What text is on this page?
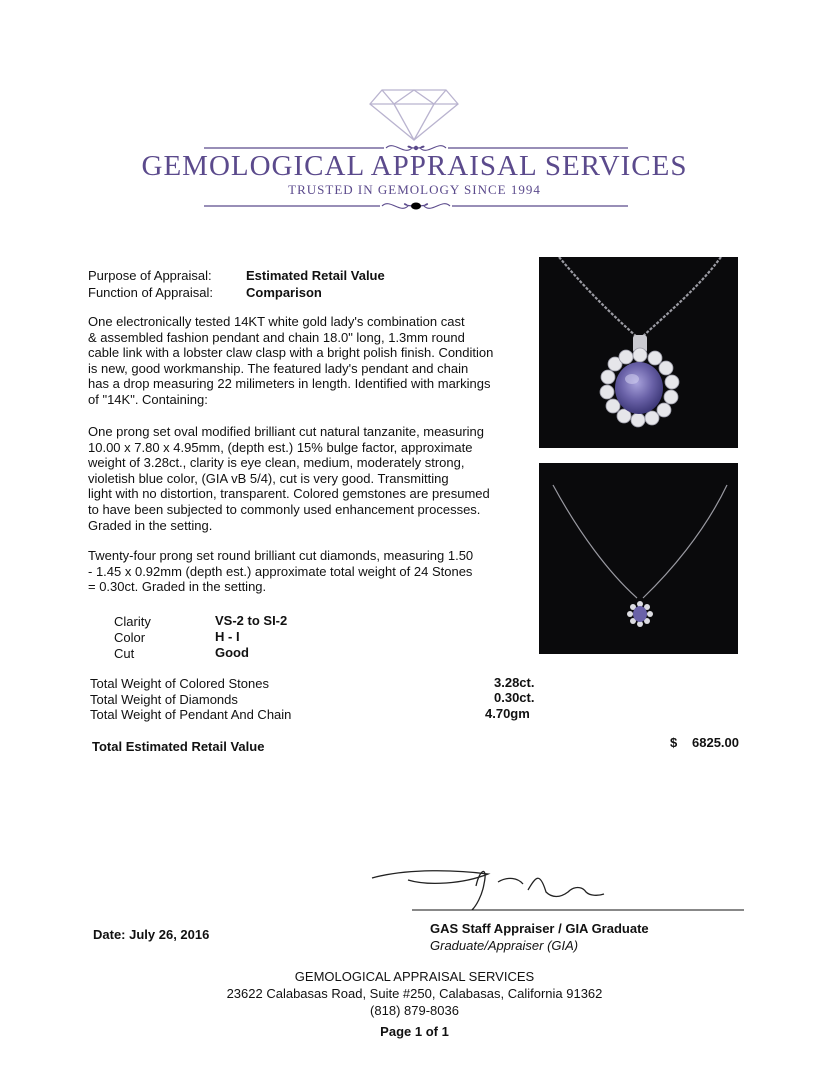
GEMOLOGICAL APPRAISAL SERVICES
TRUSTED IN GEMOLOGY SINCE 1994
Purpose of Appraisal:	Estimated Retail Value
Function of Appraisal:	Comparison
One electronically tested 14KT white gold lady's combination cast
& assembled fashion pendant and chain 18.0" long, 1.3mm round
cable link with a lobster claw clasp with a bright polish finish. Condition
is new, good workmanship. The featured lady's pendant and chain
has a drop measuring 22 milimeters in length. Identified with markings
of "14K". Containing:
One prong set oval modified brilliant cut natural tanzanite, measuring
10.00 x 7.80 x 4.95mm, (depth est.) 15% bulge factor, approximate
weight of 3.28ct., clarity is eye clean, medium, moderately strong,
violetish blue color, (GIA vB 5/4), cut is very good. Transmitting
light with no distortion, transparent. Colored gemstones are presumed
to have been subjected to commonly used enhancement processes.
Graded in the setting.
Twenty-four prong set round brilliant cut diamonds, measuring 1.50
- 1.45 x 0.92mm (depth est.) approximate total weight of 24 Stones
= 0.30ct. Graded in the setting.
Clarity	VS-2 to SI-2
Color	H - I
Cut	Good
Total Weight of Colored Stones	3.28ct.
Total Weight of Diamonds	0.30ct.
Total Weight of Pendant And Chain	4.70gm
Total Estimated Retail Value	$ 6825.00
Date: July 26, 2016	GAS Staff Appraiser / GIA Graduate
Graduate/Appraiser (GIA)
GEMOLOGICAL APPRAISAL SERVICES
23622 Calabasas Road, Suite #250, Calabasas, California 91362
(818) 879-8036
Page 1 of 1
